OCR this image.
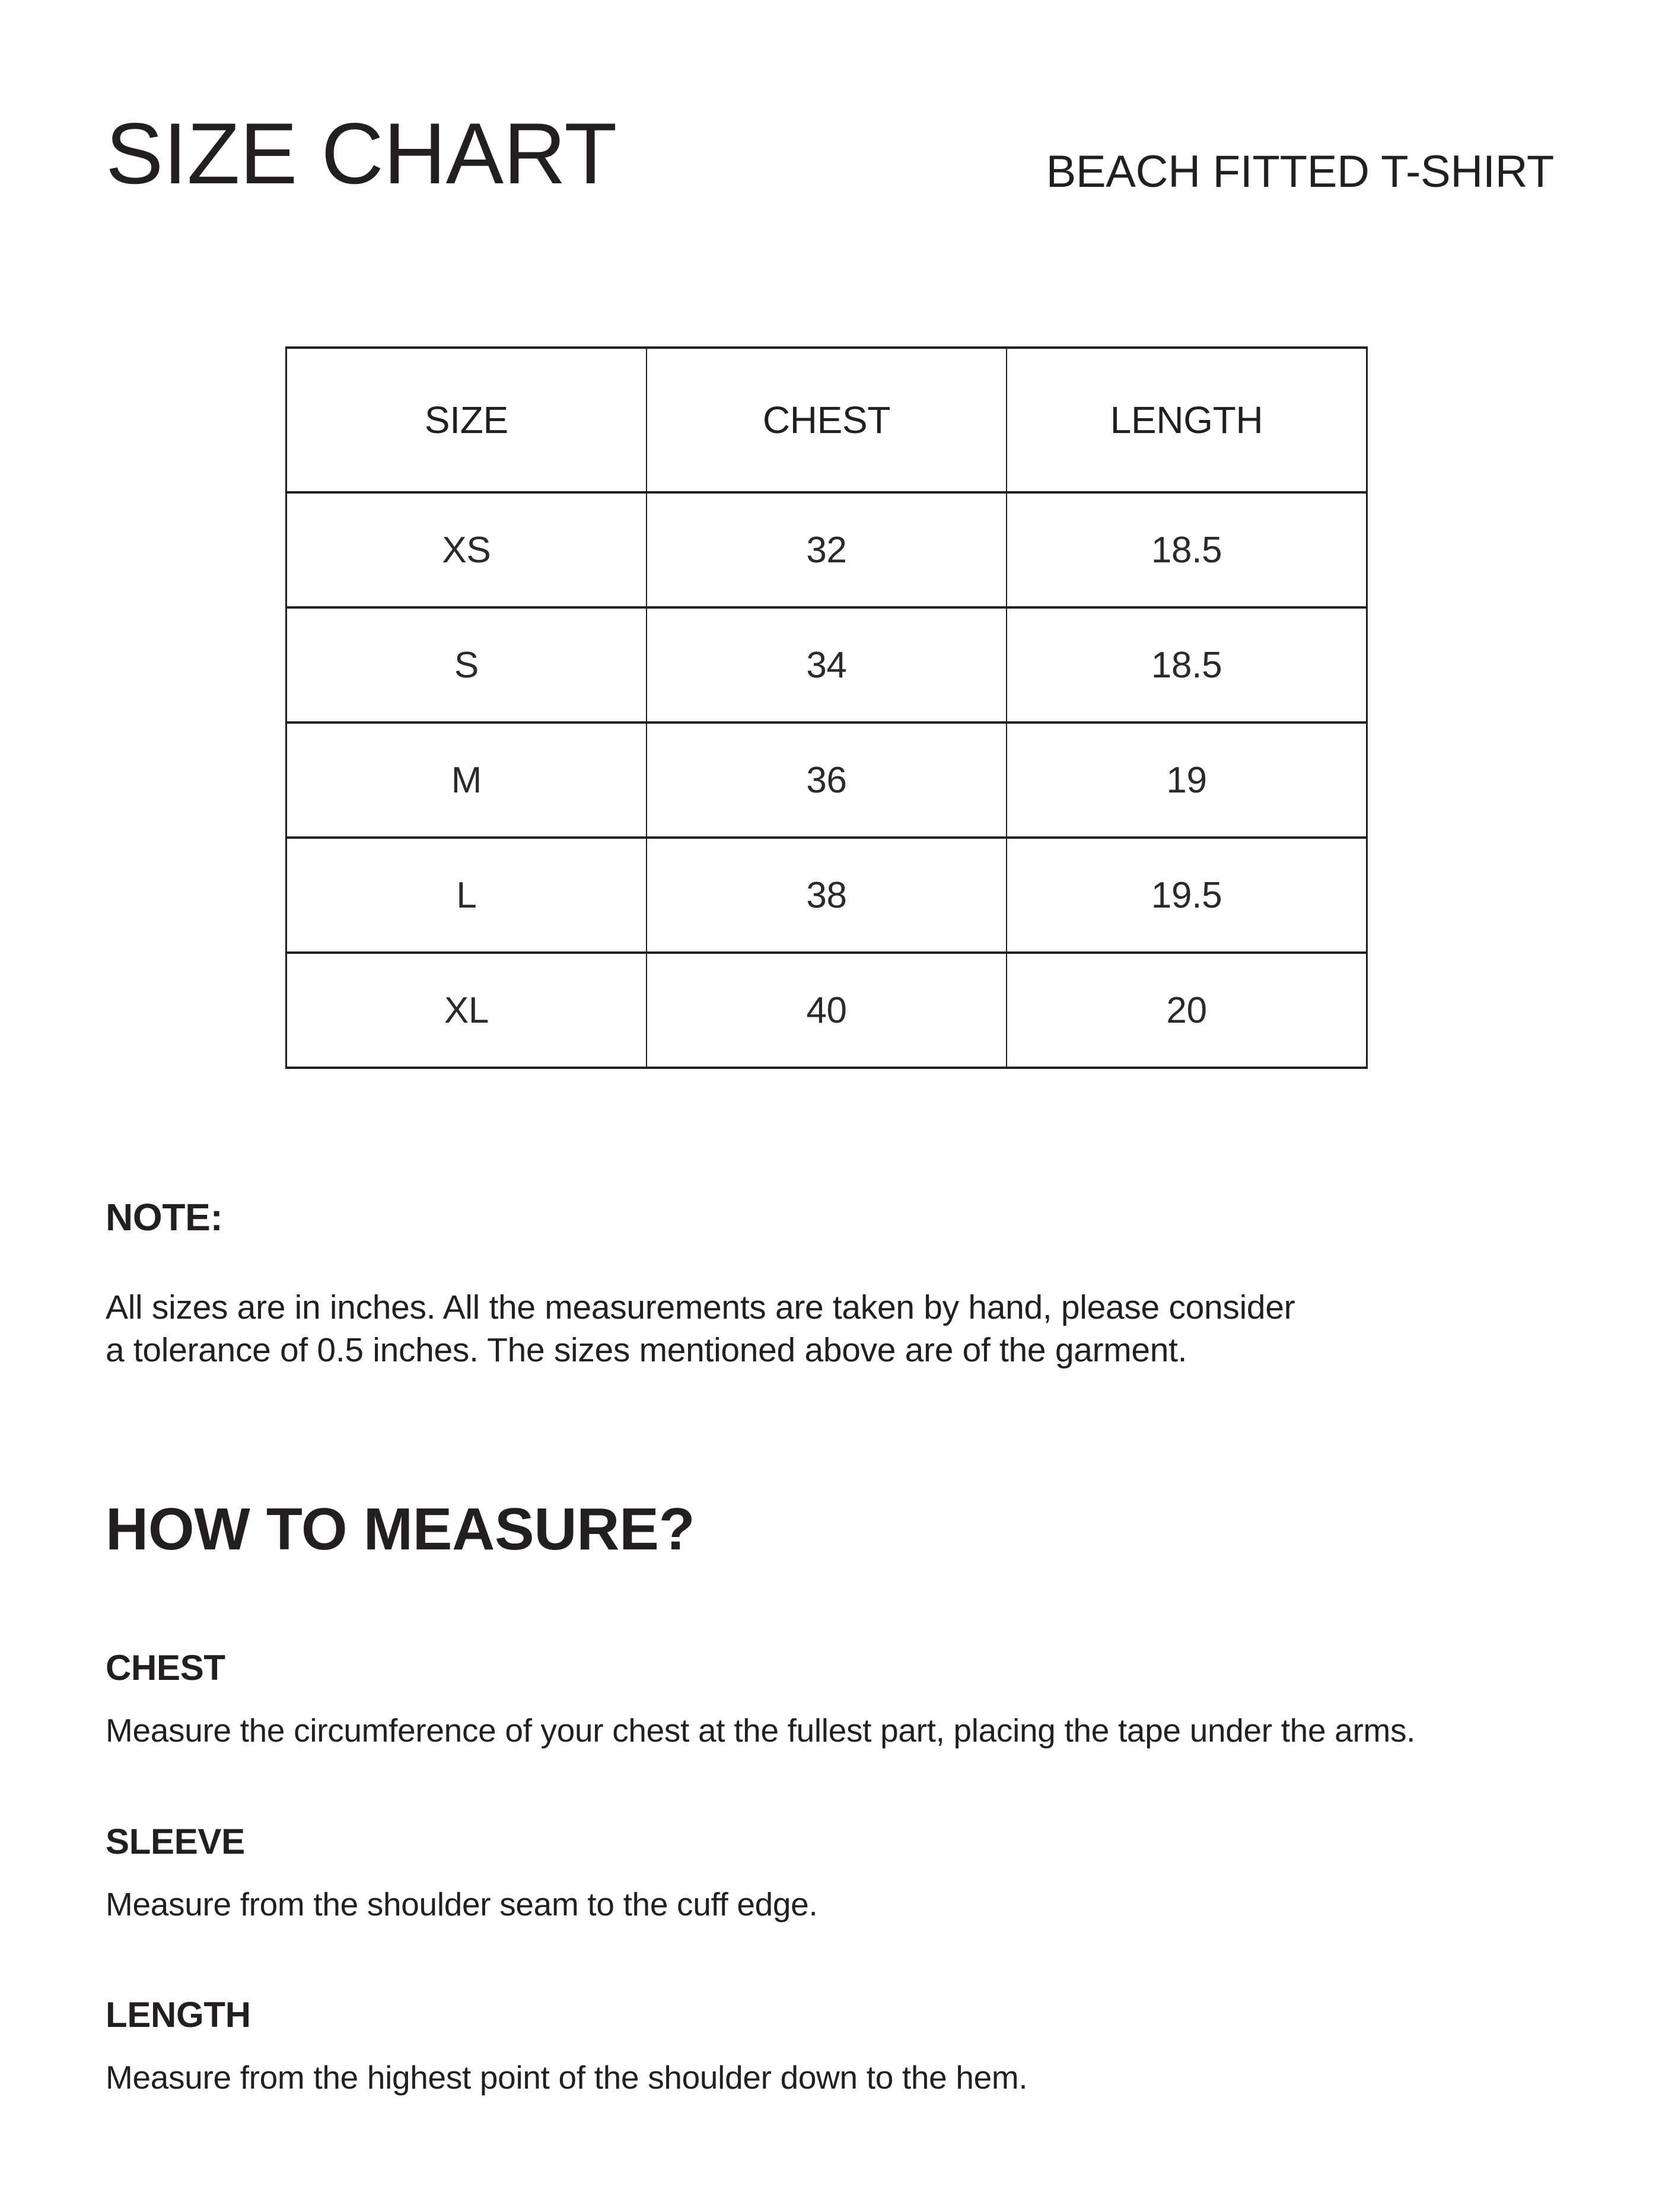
SIZE CHART	BEACH FITTED T-SHIRT
SIZE	CHEST	LENGTH
XS	32	18.5
S	34	18.5
M	36	19
L	38	19.5
XL	40	20
NOTE:
All sizes are in inches. All the measurements are taken by hand, please consider
a tolerance of 0.5 inches. The sizes mentioned above are of the garment.
HOW TO MEASURE?
CHEST
Measure the circumference of your chest at the fullest part, placing the tape under the arms.
SLEEVE
Measure from the shoulder seam to the cuff edge.
LENGTH
Measure from the highest point of the shoulder down to the hem.
